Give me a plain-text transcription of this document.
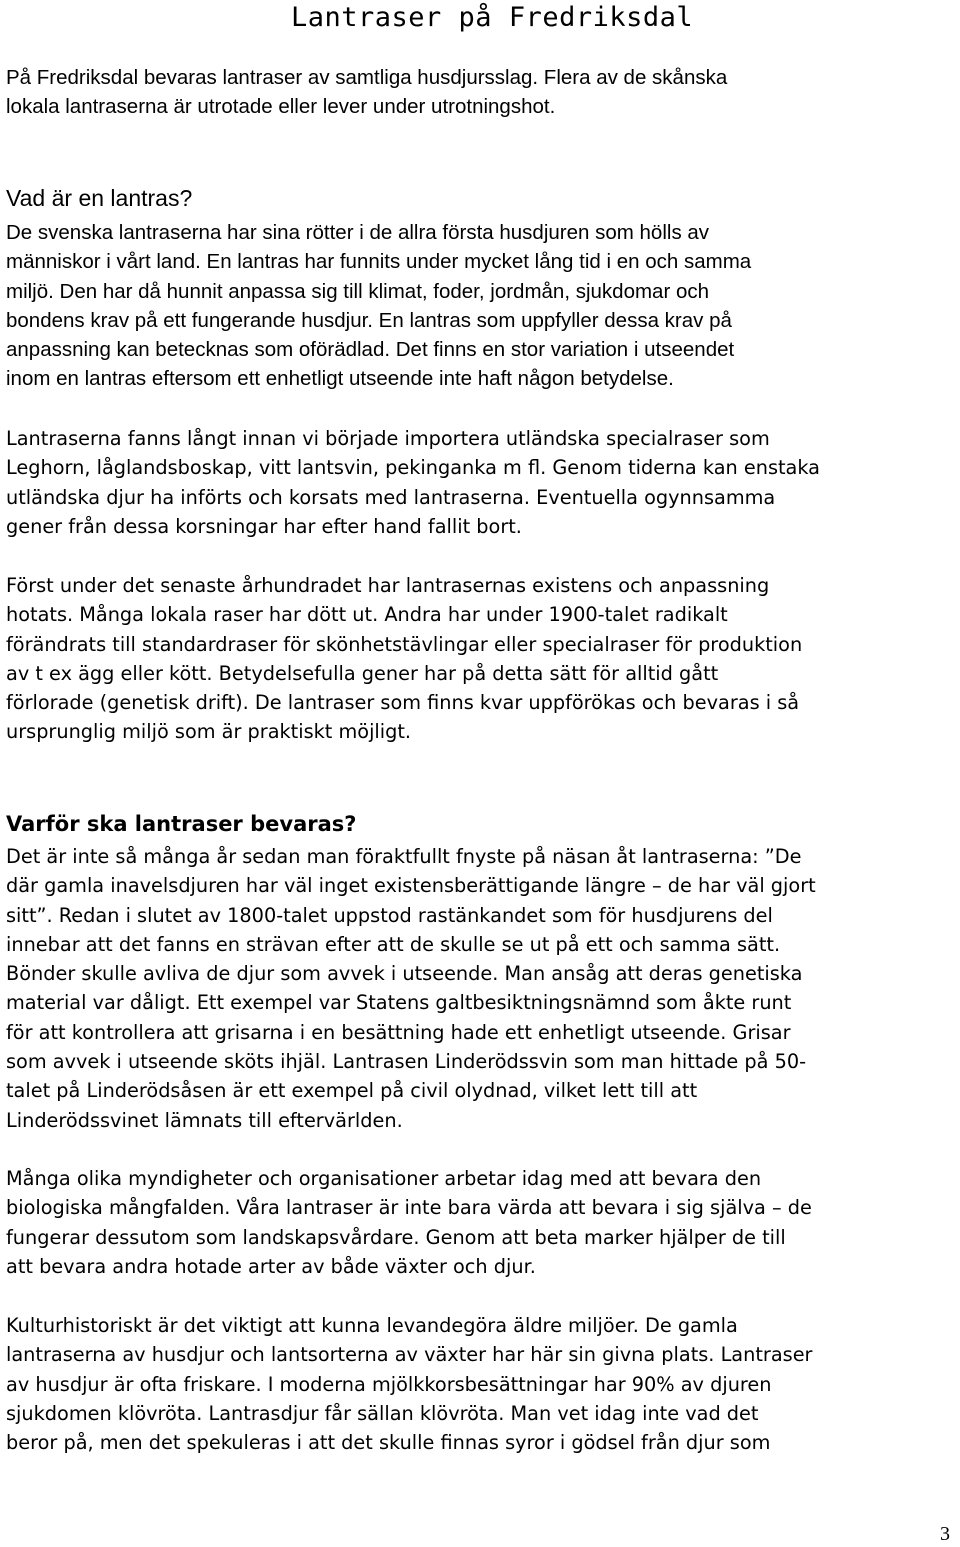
Lantraser på Fredriksdal
På Fredriksdal bevaras lantraser av samtliga husdjursslag. Flera av de skånska
lokala lantraserna är utrotade eller lever under utrotningshot.
Vad är en lantras?
De svenska lantraserna har sina rötter i de allra första husdjuren som hölls av
människor i vårt land. En lantras har funnits under mycket lång tid i en och samma
miljö. Den har då hunnit anpassa sig till klimat, foder, jordmån, sjukdomar och
bondens krav på ett fungerande husdjur. En lantras som uppfyller dessa krav på
anpassning kan betecknas som oförädlad. Det finns en stor variation i utseendet
inom en lantras eftersom ett enhetligt utseende inte haft någon betydelse.
Lantraserna fanns långt innan vi började importera utländska specialraser som
Leghorn, låglandsboskap, vitt lantsvin, pekinganka m fl. Genom tiderna kan enstaka
utländska djur ha införts och korsats med lantraserna. Eventuella ogynnsamma
gener från dessa korsningar har efter hand fallit bort.
Först under det senaste århundradet har lantrasernas existens och anpassning
hotats. Många lokala raser har dött ut. Andra har under 1900-talet radikalt
förändrats till standardraser för skönhetstävlingar eller specialraser för produktion
av t ex ägg eller kött. Betydelsefulla gener har på detta sätt för alltid gått
förlorade (genetisk drift). De lantraser som finns kvar uppförökas och bevaras i så
ursprunglig miljö som är praktiskt möjligt.
Varför ska lantraser bevaras?
Det är inte så många år sedan man föraktfullt fnyste på näsan åt lantraserna: ”De
där gamla inavelsdjuren har väl inget existensberättigande längre – de har väl gjort
sitt”. Redan i slutet av 1800-talet uppstod rastänkandet som för husdjurens del
innebar att det fanns en strävan efter att de skulle se ut på ett och samma sätt.
Bönder skulle avliva de djur som avvek i utseende. Man ansåg att deras genetiska
material var dåligt. Ett exempel var Statens galtbesiktningsnämnd som åkte runt
för att kontrollera att grisarna i en besättning hade ett enhetligt utseende. Grisar
som avvek i utseende sköts ihjäl. Lantrasen Linderödssvin som man hittade på 50-
talet på Linderödsåsen är ett exempel på civil olydnad, vilket lett till att
Linderödssvinet lämnats till eftervärlden.
Många olika myndigheter och organisationer arbetar idag med att bevara den
biologiska mångfalden. Våra lantraser är inte bara värda att bevara i sig själva – de
fungerar dessutom som landskapsvårdare. Genom att beta marker hjälper de till
att bevara andra hotade arter av både växter och djur.
Kulturhistoriskt är det viktigt att kunna levandegöra äldre miljöer. De gamla
lantraserna av husdjur och lantsorterna av växter har här sin givna plats. Lantraser
av husdjur är ofta friskare. I moderna mjölkkorsbesättningar har 90% av djuren
sjukdomen klövröta. Lantrasdjur får sällan klövröta. Man vet idag inte vad det
beror på, men det spekuleras i att det skulle finnas syror i gödsel från djur som
3
